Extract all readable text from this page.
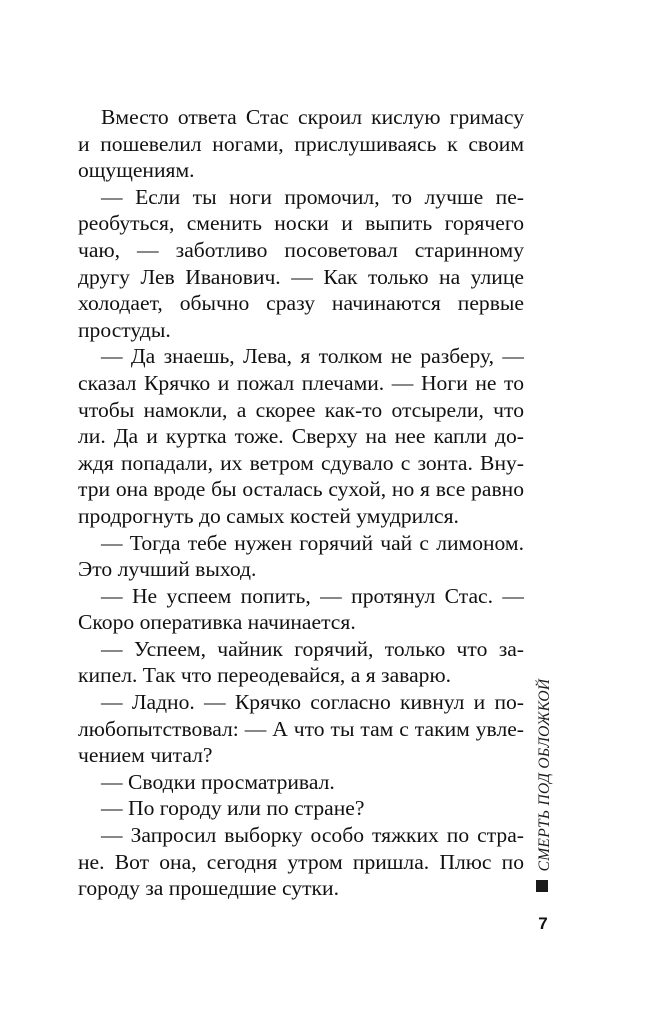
Вместо ответа Стас скроил кислую гримасу
и пошевелил ногами, прислушиваясь к своим
ощущениям.
— Если ты ноги промочил, то лучше пе-
реобуться, сменить носки и выпить горячего
чаю, — заботливо посоветовал старинному
другу Лев Иванович. — Как только на улице
холодает, обычно сразу начинаются первые
простуды.
— Да знаешь, Лева, я толком не разберу, —
сказал Крячко и пожал плечами. — Ноги не то
чтобы намокли, а скорее как-то отсырели, что
ли. Да и куртка тоже. Сверху на нее капли до-
ждя попадали, их ветром сдувало с зонта. Вну-
три она вроде бы осталась сухой, но я все равно
продрогнуть до самых костей умудрился.
— Тогда тебе нужен горячий чай с лимоном.
Это лучший выход.
— Не успеем попить, — протянул Стас. —
Скоро оперативка начинается.
— Успеем, чайник горячий, только что за-
кипел. Так что переодевайся, а я заварю.
— Ладно. — Крячко согласно кивнул и по-
любопытствовал: — А что ты там с таким увле-
чением читал?
— Сводки просматривал.
— По городу или по стране?
— Запросил выборку особо тяжких по стра-
не. Вот она, сегодня утром пришла. Плюс по
городу за прошедшие сутки.
СМЕРТЬ ПОД ОБЛОЖКОЙ
7
